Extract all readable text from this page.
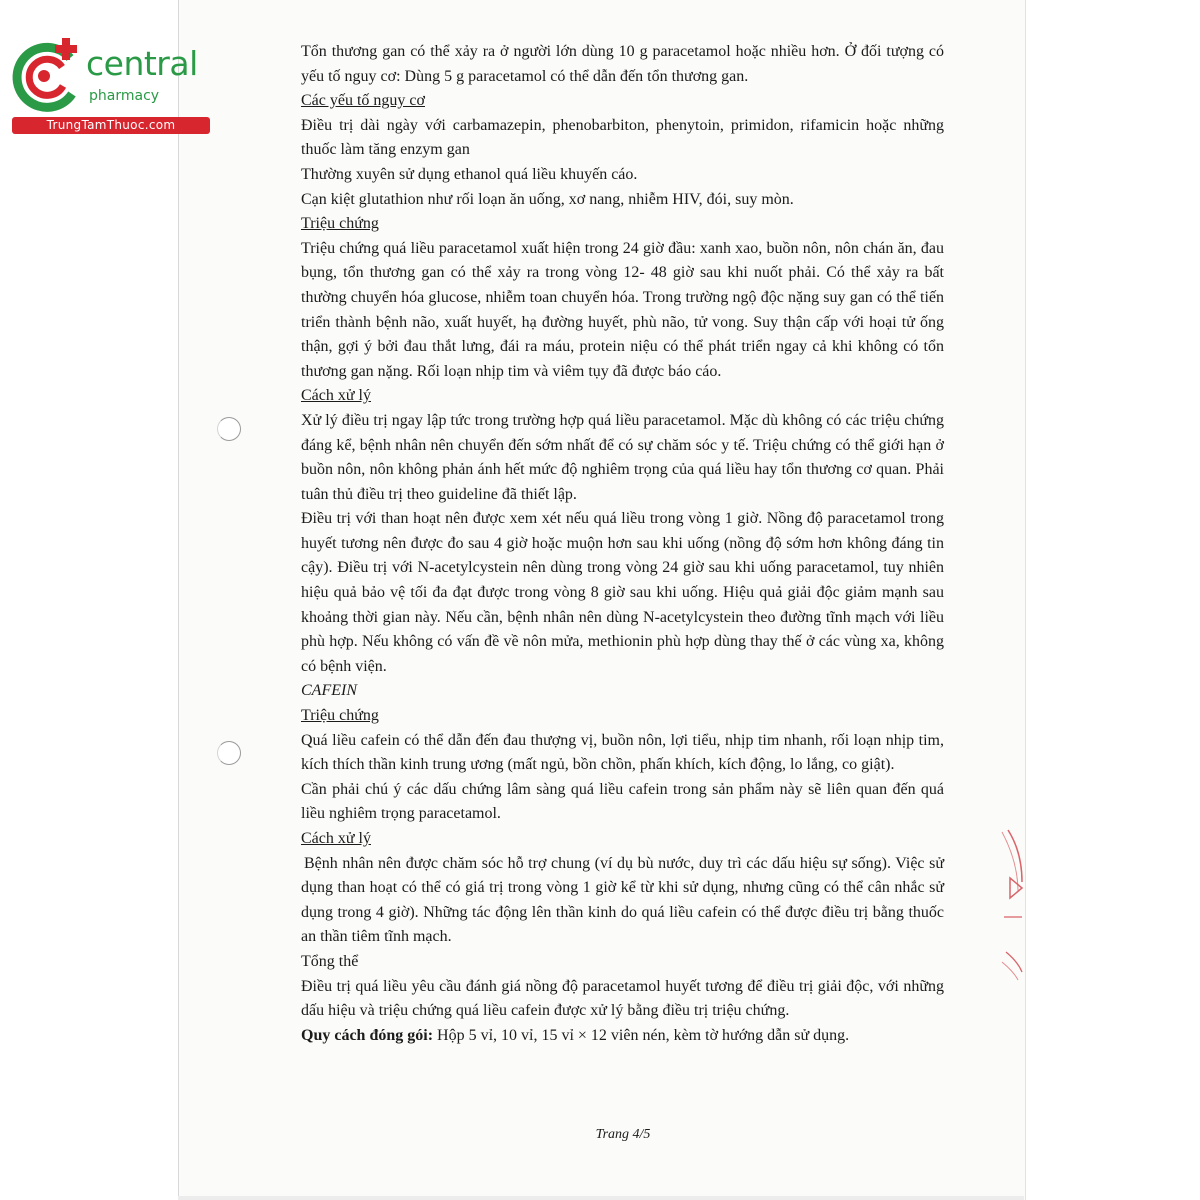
central
pharmacy
TrungTamThuoc.com

Tổn thương gan có thể xảy ra ở người lớn dùng 10 g paracetamol hoặc nhiều hơn. Ở đối tượng có yếu tố nguy cơ: Dùng 5 g paracetamol có thể dẫn đến tổn thương gan.

Các yếu tố nguy cơ

Điều trị dài ngày với carbamazepin, phenobarbiton, phenytoin, primidon, rifamicin hoặc những thuốc làm tăng enzym gan

Thường xuyên sử dụng ethanol quá liều khuyến cáo.

Cạn kiệt glutathion như rối loạn ăn uống, xơ nang, nhiễm HIV, đói, suy mòn.

Triệu chứng

Triệu chứng quá liều paracetamol xuất hiện trong 24 giờ đầu: xanh xao, buồn nôn, nôn chán ăn, đau bụng, tổn thương gan có thể xảy ra trong vòng 12- 48 giờ sau khi nuốt phải. Có thể xảy ra bất thường chuyển hóa glucose, nhiễm toan chuyển hóa. Trong trường ngộ độc nặng suy gan có thể tiến triển thành bệnh não, xuất huyết, hạ đường huyết, phù não, tử vong. Suy thận cấp với hoại tử ống thận, gợi ý bởi đau thắt lưng, đái ra máu, protein niệu có thể phát triển ngay cả khi không có tổn thương gan nặng. Rối loạn nhịp tim và viêm tụy đã được báo cáo.

Cách xử lý

Xử lý điều trị ngay lập tức trong trường hợp quá liều paracetamol. Mặc dù không có các triệu chứng đáng kể, bệnh nhân nên chuyển đến sớm nhất để có sự chăm sóc y tế. Triệu chứng có thể giới hạn ở buồn nôn, nôn không phản ánh hết mức độ nghiêm trọng của quá liều hay tổn thương cơ quan. Phải tuân thủ điều trị theo guideline đã thiết lập.

Điều trị với than hoạt nên được xem xét nếu quá liều trong vòng 1 giờ. Nồng độ paracetamol trong huyết tương nên được đo sau 4 giờ hoặc muộn hơn sau khi uống (nồng độ sớm hơn không đáng tin cậy). Điều trị với N-acetylcystein nên dùng trong vòng 24 giờ sau khi uống paracetamol, tuy nhiên hiệu quả bảo vệ tối đa đạt được trong vòng 8 giờ sau khi uống. Hiệu quả giải độc giảm mạnh sau khoảng thời gian này. Nếu cần, bệnh nhân nên dùng N-acetylcystein theo đường tĩnh mạch với liều phù hợp. Nếu không có vấn đề về nôn mửa, methionin phù hợp dùng thay thế ở các vùng xa, không có bệnh viện.

CAFEIN

Triệu chứng

Quá liều cafein có thể dẫn đến đau thượng vị, buồn nôn, lợi tiểu, nhịp tim nhanh, rối loạn nhịp tim, kích thích thần kinh trung ương (mất ngủ, bồn chồn, phấn khích, kích động, lo lắng, co giật).

Cần phải chú ý các dấu chứng lâm sàng quá liều cafein trong sản phẩm này sẽ liên quan đến quá liều nghiêm trọng paracetamol.

Cách xử lý

Bệnh nhân nên được chăm sóc hỗ trợ chung (ví dụ bù nước, duy trì các dấu hiệu sự sống). Việc sử dụng than hoạt có thể có giá trị trong vòng 1 giờ kể từ khi sử dụng, nhưng cũng có thể cân nhắc sử dụng trong 4 giờ). Những tác động lên thần kinh do quá liều cafein có thể được điều trị bằng thuốc an thần tiêm tĩnh mạch.

Tổng thể

Điều trị quá liều yêu cầu đánh giá nồng độ paracetamol huyết tương để điều trị giải độc, với những dấu hiệu và triệu chứng quá liều cafein được xử lý bằng điều trị triệu chứng.

Quy cách đóng gói: Hộp 5 vỉ, 10 vỉ, 15 vỉ × 12 viên nén, kèm tờ hướng dẫn sử dụng.

Trang 4/5
